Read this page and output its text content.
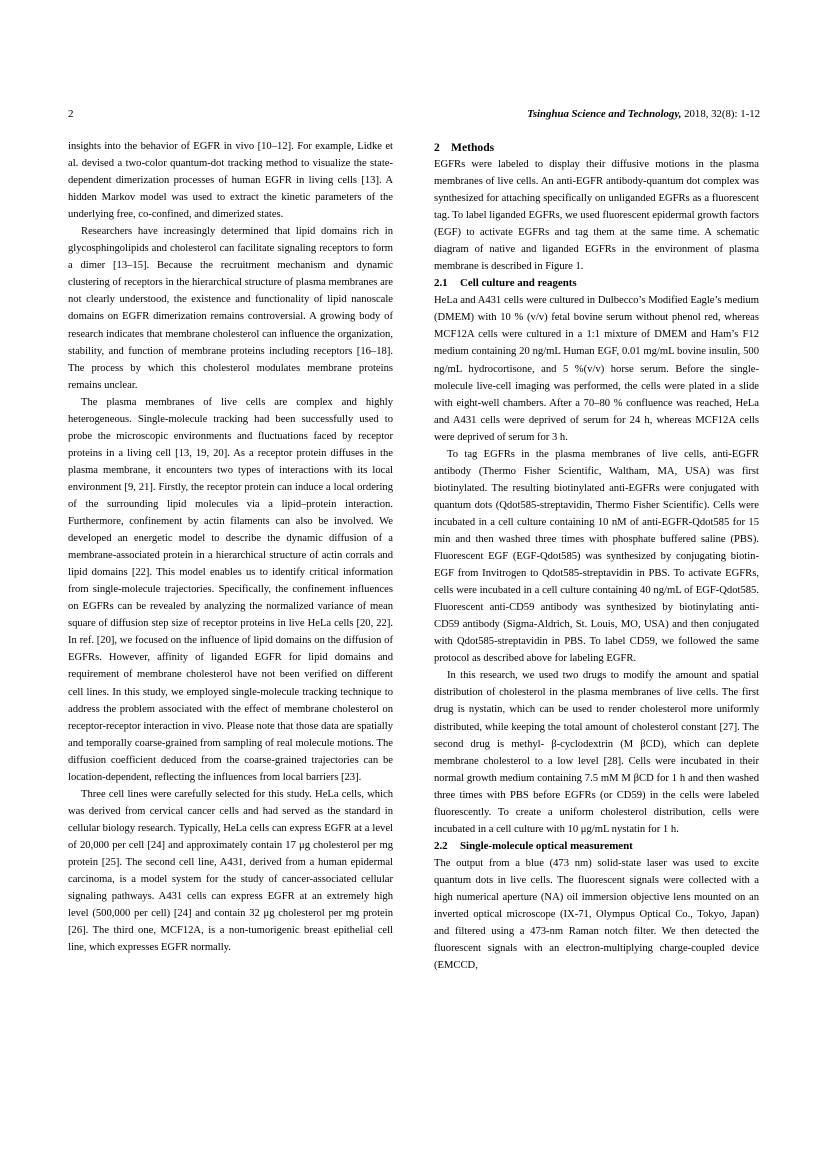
2	Tsinghua Science and Technology, 2018, 32(8): 1-12

insights into the behavior of EGFR in vivo [10–12]. For example, Lidke et al. devised a two-color quantum-dot tracking method to visualize the state-dependent dimerization processes of human EGFR in living cells [13]. A hidden Markov model was used to extract the kinetic parameters of the underlying free, co-confined, and dimerized states.

Researchers have increasingly determined that lipid domains rich in glycosphingolipids and cholesterol can facilitate signaling receptors to form a dimer [13–15]. Because the recruitment mechanism and dynamic clustering of receptors in the hierarchical structure of plasma membranes are not clearly understood, the existence and functionality of lipid nanoscale domains on EGFR dimerization remains controversial. A growing body of research indicates that membrane cholesterol can influence the organization, stability, and function of membrane proteins including receptors [16–18]. The process by which this cholesterol modulates membrane proteins remains unclear.

The plasma membranes of live cells are complex and highly heterogeneous. Single-molecule tracking had been successfully used to probe the microscopic environments and fluctuations faced by receptor proteins in a living cell [13, 19, 20]. As a receptor protein diffuses in the plasma membrane, it encounters two types of interactions with its local environment [9, 21]. Firstly, the receptor protein can induce a local ordering of the surrounding lipid molecules via a lipid–protein interaction. Furthermore, confinement by actin filaments can also be involved. We developed an energetic model to describe the dynamic diffusion of a membrane-associated protein in a hierarchical structure of actin corrals and lipid domains [22]. This model enables us to identify critical information from single-molecule trajectories. Specifically, the confinement influences on EGFRs can be revealed by analyzing the normalized variance of mean square of diffusion step size of receptor proteins in live HeLa cells [20, 22]. In ref. [20], we focused on the influence of lipid domains on the diffusion of EGFRs. However, affinity of liganded EGFR for lipid domains and requirement of membrane cholesterol have not been verified on different cell lines. In this study, we employed single-molecule tracking technique to address the problem associated with the effect of membrane cholesterol on receptor-receptor interaction in vivo. Please note that those data are spatially and temporally coarse-grained from sampling of real molecule motions. The diffusion coefficient deduced from the coarse-grained trajectories can be location-dependent, reflecting the influences from local barriers [23].

Three cell lines were carefully selected for this study. HeLa cells, which was derived from cervical cancer cells and had served as the standard in cellular biology research. Typically, HeLa cells can express EGFR at a level of 20,000 per cell [24] and approximately contain 17 μg cholesterol per mg protein [25]. The second cell line, A431, derived from a human epidermal carcinoma, is a model system for the study of cancer-associated cellular signaling pathways. A431 cells can express EGFR at an extremely high level (500,000 per cell) [24] and contain 32 μg cholesterol per mg protein [26]. The third one, MCF12A, is a non-tumorigenic breast epithelial cell line, which expresses EGFR normally.

2 Methods

EGFRs were labeled to display their diffusive motions in the plasma membranes of live cells. An anti-EGFR antibody-quantum dot complex was synthesized for attaching specifically on unliganded EGFRs as a fluorescent tag. To label liganded EGFRs, we used fluorescent epidermal growth factors (EGF) to activate EGFRs and tag them at the same time. A schematic diagram of native and liganded EGFRs in the environment of plasma membrane is described in Figure 1.

2.1 Cell culture and reagents

HeLa and A431 cells were cultured in Dulbecco’s Modified Eagle’s medium (DMEM) with 10 % (v/v) fetal bovine serum without phenol red, whereas MCF12A cells were cultured in a 1:1 mixture of DMEM and Ham’s F12 medium containing 20 ng/mL Human EGF, 0.01 mg/mL bovine insulin, 500 ng/mL hydrocortisone, and 5 %(v/v) horse serum. Before the single-molecule live-cell imaging was performed, the cells were plated in a slide with eight-well chambers. After a 70–80 % confluence was reached, HeLa and A431 cells were deprived of serum for 24 h, whereas MCF12A cells were deprived of serum for 3 h.

To tag EGFRs in the plasma membranes of live cells, anti-EGFR antibody (Thermo Fisher Scientific, Waltham, MA, USA) was first biotinylated. The resulting biotinylated anti-EGFRs were conjugated with quantum dots (Qdot585-streptavidin, Thermo Fisher Scientific). Cells were incubated in a cell culture containing 10 nM of anti-EGFR-Qdot585 for 15 min and then washed three times with phosphate buffered saline (PBS). Fluorescent EGF (EGF-Qdot585) was synthesized by conjugating biotin-EGF from Invitrogen to Qdot585-streptavidin in PBS. To activate EGFRs, cells were incubated in a cell culture containing 40 ng/mL of EGF-Qdot585. Fluorescent anti-CD59 antibody was synthesized by biotinylating anti-CD59 antibody (Sigma-Aldrich, St. Louis, MO, USA) and then conjugated with Qdot585-streptavidin in PBS. To label CD59, we followed the same protocol as described above for labeling EGFR.

In this research, we used two drugs to modify the amount and spatial distribution of cholesterol in the plasma membranes of live cells. The first drug is nystatin, which can be used to render cholesterol more uniformly distributed, while keeping the total amount of cholesterol constant [27]. The second drug is methyl- β-cyclodextrin (M βCD), which can deplete membrane cholesterol to a low level [28]. Cells were incubated in their normal growth medium containing 7.5 mM M βCD for 1 h and then washed three times with PBS before EGFRs (or CD59) in the cells were labeled fluorescently. To create a uniform cholesterol distribution, cells were incubated in a cell culture with 10 μg/mL nystatin for 1 h.

2.2 Single-molecule optical measurement

The output from a blue (473 nm) solid-state laser was used to excite quantum dots in live cells. The fluorescent signals were collected with a high numerical aperture (NA) oil immersion objective lens mounted on an inverted optical microscope (IX-71, Olympus Optical Co., Tokyo, Japan) and filtered using a 473-nm Raman notch filter. We then detected the fluorescent signals with an electron-multiplying charge-coupled device (EMCCD,
